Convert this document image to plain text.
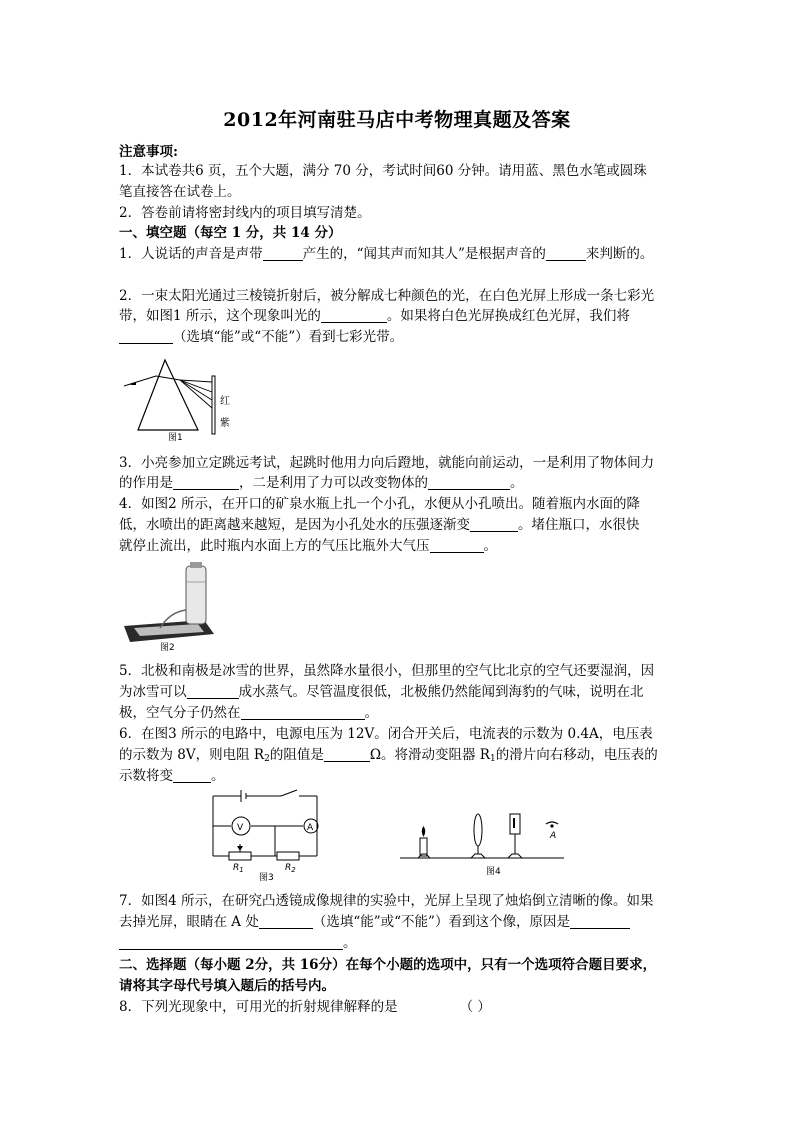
2012年河南驻马店中考物理真题及答案
注意事项:
1．本试卷共6 页，五个大题，满分 70 分，考试时间60 分钟。请用蓝、黑色水笔或圆珠
笔直接答在试卷上。
2．答卷前请将密封线内的项目填写清楚。
一、填空题（每空 1 分，共 14 分）
1．人说话的声音是声带	产生的，“闻其声而知其人”是根据声音的	来判断的。
2．一束太阳光通过三棱镜折射后，被分解成七种颜色的光，在白色光屏上形成一条七彩光
带，如图1 所示，这个现象叫光的	。如果将白色光屏换成红色光屏，我们将
（选填“能”或“不能”）看到七彩光带。
红
紫
图1
3．小亮参加立定跳远考试，起跳时他用力向后蹬地，就能向前运动，一是利用了物体间力
的作用是	，二是利用了力可以改变物体的	。
4．如图2 所示，在开口的矿泉水瓶上扎一个小孔，水便从小孔喷出。随着瓶内水面的降
低，水喷出的距离越来越短，是因为小孔处水的压强逐渐变	。堵住瓶口，水很快
就停止流出，此时瓶内水面上方的气压比瓶外大气压	。
图2
5．北极和南极是冰雪的世界，虽然降水量很小，但那里的空气比北京的空气还要湿润，因
为冰雪可以	成水蒸气。尽管温度很低，北极熊仍然能闻到海豹的气味，说明在北
极，空气分子仍然在	。
6．在图3 所示的电路中，电源电压为 12V。闭合开关后，电流表的示数为 0.4A，电压表
的示数为 8V，则电阻 $R_2$的阻值是	Ω。将滑动变阻器 $R_1$的滑片向右移动，电压表的
示数将变	。
V	A
$R_1$	$R_2$
图3
A
图4
7．如图4 所示，在研究凸透镜成像规律的实验中，光屏上呈现了烛焰倒立清晰的像。如果
去掉光屏，眼睛在 A 处	（选填“能”或“不能”）看到这个像，原因是
。
二、选择题（每小题 2分，共 16分）在每个小题的选项中，只有一个选项符合题目要求，
请将其字母代号填入题后的括号内。
8．下列光现象中，可用光的折射规律解释的是	（ ）
